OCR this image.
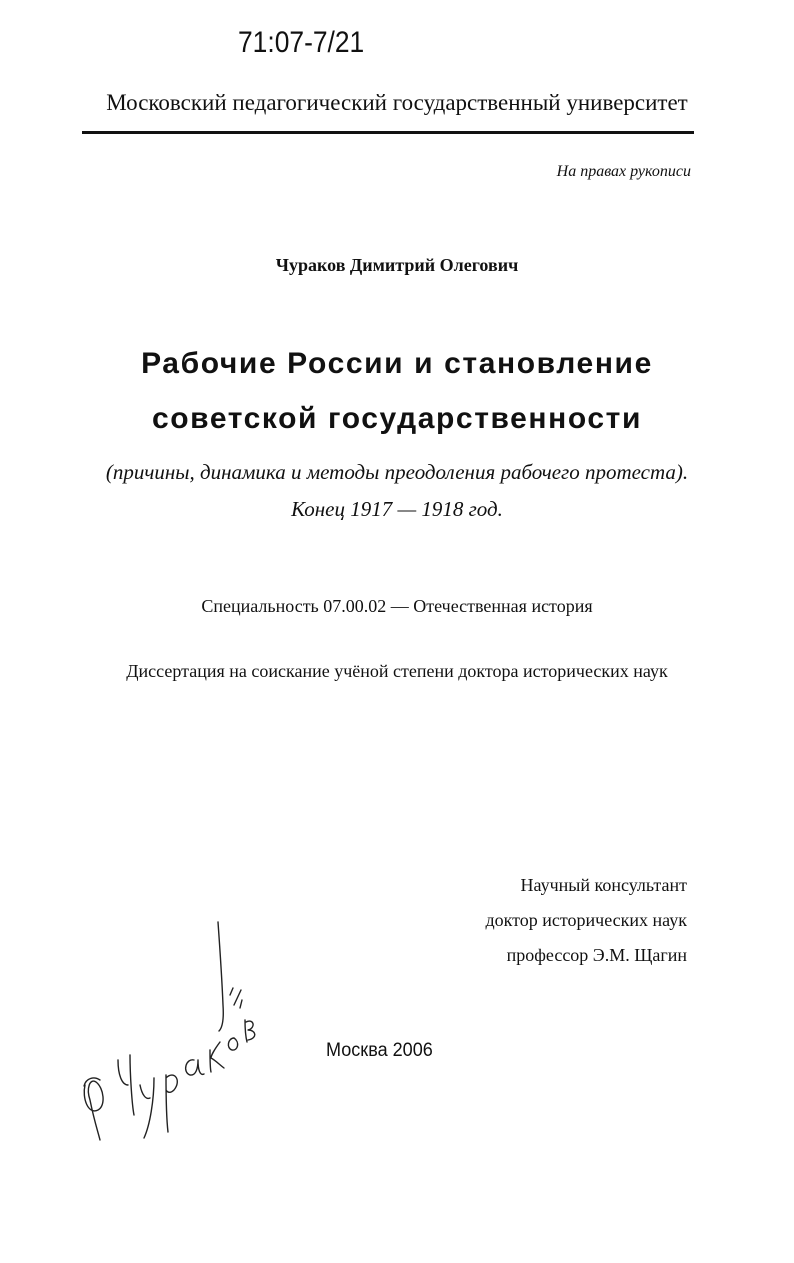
71:07-7/21
Московский педагогический государственный университет
На правах рукописи
Чураков Димитрий Олегович
Рабочие России и становление
советской государственности
(причины, динамика и методы преодоления рабочего протеста).
Конец 1917 — 1918 год.
Специальность 07.00.02 — Отечественная история
Диссертация на соискание учёной степени доктора исторических наук
Научный консультант
доктор исторических наук
профессор Э.М. Щагин
Москва 2006
